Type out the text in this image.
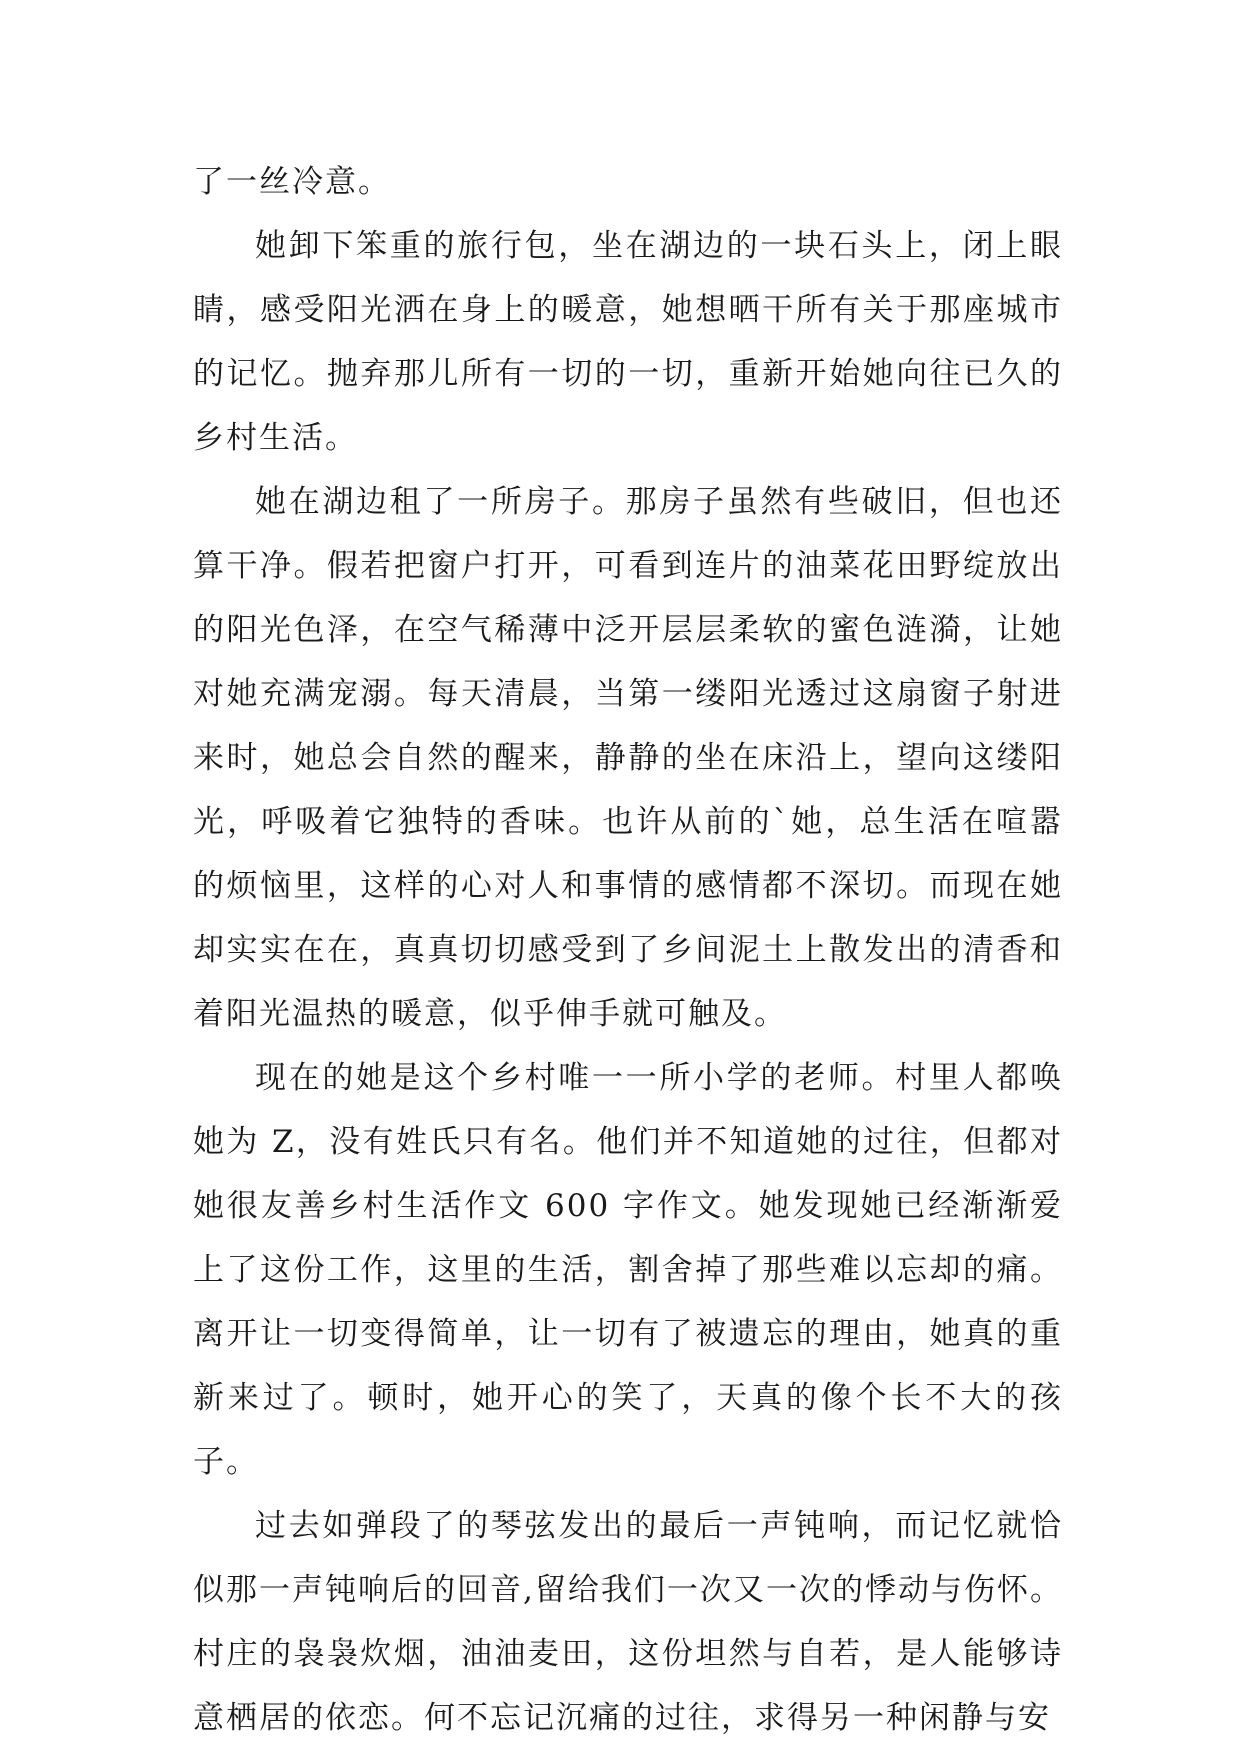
了一丝冷意。

她卸下笨重的旅行包，坐在湖边的一块石头上，闭上眼睛，感受阳光洒在身上的暖意，她想晒干所有关于那座城市的记忆。抛弃那儿所有一切的一切，重新开始她向往已久的乡村生活。

她在湖边租了一所房子。那房子虽然有些破旧，但也还算干净。假若把窗户打开，可看到连片的油菜花田野绽放出的阳光色泽，在空气稀薄中泛开层层柔软的蜜色涟漪，让她对她充满宠溺。每天清晨，当第一缕阳光透过这扇窗子射进来时，她总会自然的醒来，静静的坐在床沿上，望向这缕阳光，呼吸着它独特的香味。也许从前的`她，总生活在喧嚣的烦恼里，这样的心对人和事情的感情都不深切。而现在她却实实在在，真真切切感受到了乡间泥土上散发出的清香和着阳光温热的暖意，似乎伸手就可触及。

现在的她是这个乡村唯一一所小学的老师。村里人都唤她为 Z，没有姓氏只有名。他们并不知道她的过往，但都对她很友善乡村生活作文 600 字作文。她发现她已经渐渐爱上了这份工作，这里的生活，割舍掉了那些难以忘却的痛。离开让一切变得简单，让一切有了被遗忘的理由，她真的重新来过了。顿时，她开心的笑了，天真的像个长不大的孩子。

过去如弹段了的琴弦发出的最后一声钝响，而记忆就恰似那一声钝响后的回音,留给我们一次又一次的悸动与伤怀。村庄的袅袅炊烟，油油麦田，这份坦然与自若，是人能够诗意栖居的依恋。何不忘记沉痛的过往，求得另一种闲静与安
